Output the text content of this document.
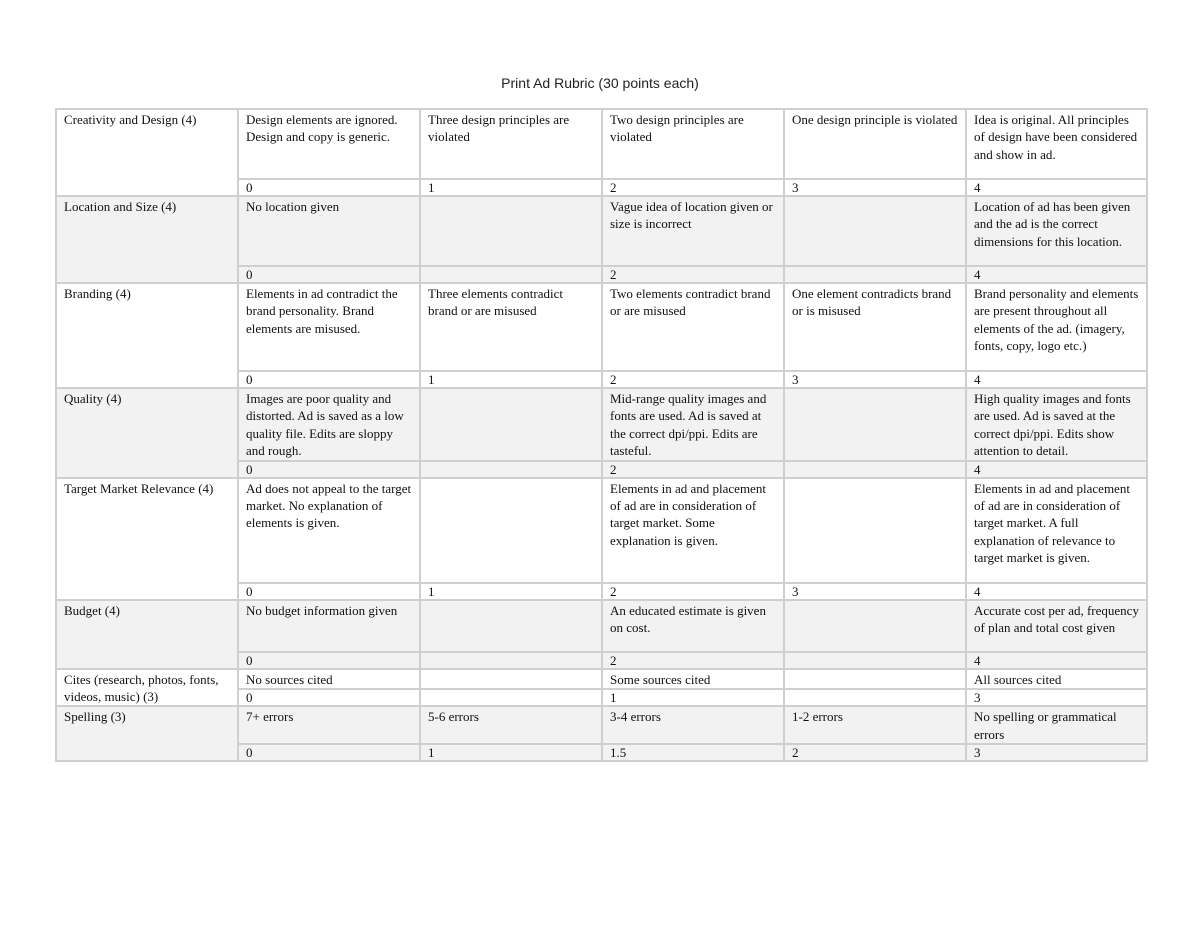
Print Ad Rubric (30 points each)
Creativity and Design (4)	Design elements are ignored. Design and copy is generic.	Three design principles are violated	Two design principles are violated	One design principle is violated	Idea is original. All principles of design have been considered and show in ad.
	0	1	2	3	4
Location and Size (4)	No location given		Vague idea of location given or size is incorrect		Location of ad has been given and the ad is the correct dimensions for this location.
	0		2		4
Branding (4)	Elements in ad contradict the brand personality. Brand elements are misused.	Three elements contradict brand or are misused	Two elements contradict brand or are misused	One element contradicts brand or is misused	Brand personality and elements are present throughout all elements of the ad. (imagery, fonts, copy, logo etc.)
	0	1	2	3	4
Quality (4)	Images are poor quality and distorted. Ad is saved as a low quality file. Edits are sloppy and rough.		Mid-range quality images and fonts are used. Ad is saved at the correct dpi/ppi. Edits are tasteful.		High quality images and fonts are used. Ad is saved at the correct dpi/ppi. Edits show attention to detail.
	0		2		4
Target Market Relevance (4)	Ad does not appeal to the target market. No explanation of elements is given.		Elements in ad and placement of ad are in consideration of target market. Some explanation is given.		Elements in ad and placement of ad are in consideration of target market. A full explanation of relevance to target market is given.
	0	1	2	3	4
Budget (4)	No budget information given		An educated estimate is given on cost.		Accurate cost per ad, frequency of plan and total cost given
	0		2		4
Cites (research, photos, fonts, videos, music) (3)	No sources cited		Some sources cited		All sources cited
	0		1		3
Spelling (3)	7+ errors	5-6 errors	3-4 errors	1-2 errors	No spelling or grammatical errors
	0	1	1.5	2	3
